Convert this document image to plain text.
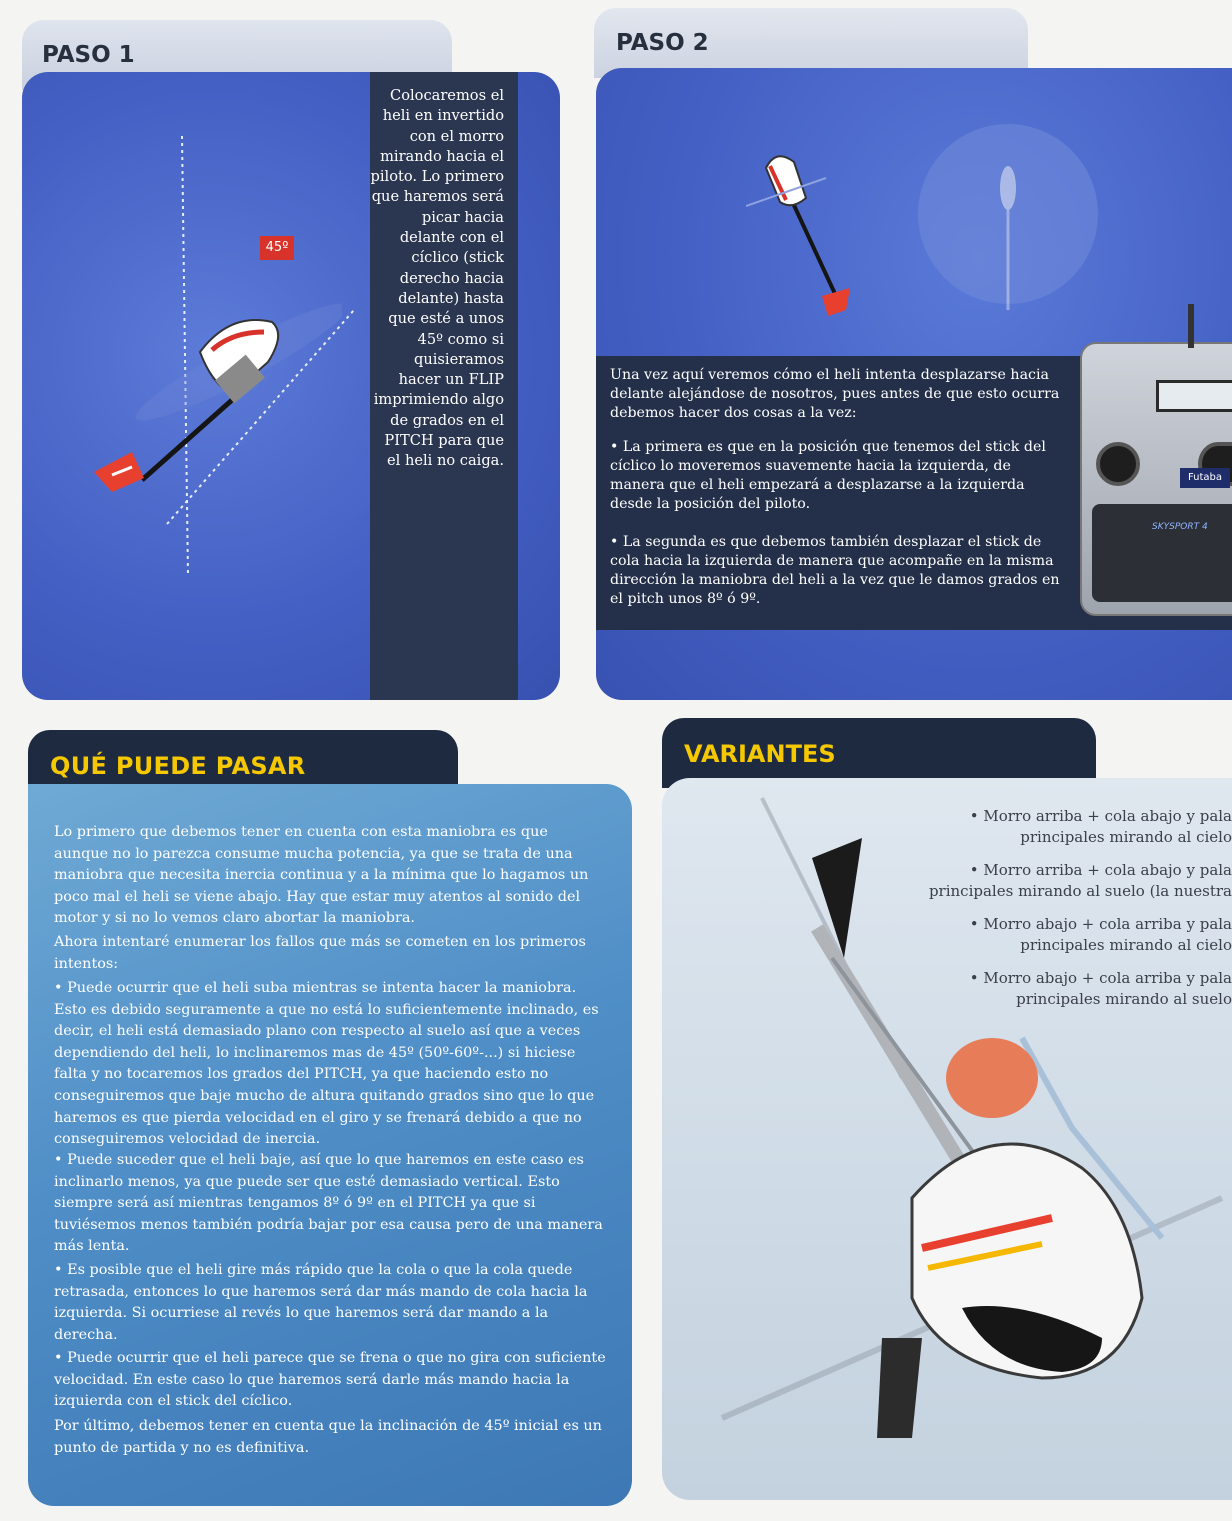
PASO 1
45º
Colocaremos el heli en invertido con el morro mirando hacia el piloto. Lo primero que haremos será picar hacia delante con el cíclico (stick derecho hacia delante) hasta que esté a unos 45º como si quisieramos hacer un FLIP imprimiendo algo de grados en el PITCH para que el heli no caiga.
PASO 2
Una vez aquí veremos cómo el heli intenta desplazarse hacia delante alejándose de nosotros, pues antes de que esto ocurra debemos hacer dos cosas a la vez:
• La primera es que en la posición que tenemos del stick del cíclico lo moveremos suavemente hacia la izquierda, de manera que el heli empezará a desplazarse a la izquierda desde la posición del piloto.
• La segunda es que debemos también desplazar el stick de cola hacia la izquierda de manera que acompañe en la misma dirección la maniobra del heli a la vez que le damos grados en el pitch unos 8º ó 9º.
Futaba
SKYSPORT 4
QUÉ PUEDE PASAR
Lo primero que debemos tener en cuenta con esta maniobra es que aunque no lo parezca consume mucha potencia, ya que se trata de una maniobra que necesita inercia continua y a la mínima que lo hagamos un poco mal el heli se viene abajo. Hay que estar muy atentos al sonido del motor y si no lo vemos claro abortar la maniobra.
Ahora intentaré enumerar los fallos que más se cometen en los primeros intentos:
• Puede ocurrir que el heli suba mientras se intenta hacer la maniobra. Esto es debido seguramente a que no está lo suficientemente inclinado, es decir, el heli está demasiado plano con respecto al suelo así que a veces dependiendo del heli, lo inclinaremos mas de 45º (50º-60º-...) si hiciese falta y no tocaremos los grados del PITCH, ya que haciendo esto no conseguiremos que baje mucho de altura quitando grados sino que lo que haremos es que pierda velocidad en el giro y se frenará debido a que no conseguiremos velocidad de inercia.
• Puede suceder que el heli baje, así que lo que haremos en este caso es inclinarlo menos, ya que puede ser que esté demasiado vertical. Esto siempre será así mientras tengamos 8º ó 9º en el PITCH ya que si tuviésemos menos también podría bajar por esa causa pero de una manera más lenta.
• Es posible que el heli gire más rápido que la cola o que la cola quede retrasada, entonces lo que haremos será dar más mando de cola hacia la izquierda. Si ocurriese al revés lo que haremos será dar mando a la derecha.
• Puede ocurrir que el heli parece que se frena o que no gira con suficiente velocidad. En este caso lo que haremos será darle más mando hacia la izquierda con el stick del cíclico.
Por último, debemos tener en cuenta que la inclinación de 45º inicial es un punto de partida y no es definitiva.
VARIANTES
• Morro arriba + cola abajo y pala
principales mirando al cielo
• Morro arriba + cola abajo y pala
principales mirando al suelo (la nuestra
• Morro abajo + cola arriba y pala
principales mirando al cielo
• Morro abajo + cola arriba y pala
principales mirando al suelo
